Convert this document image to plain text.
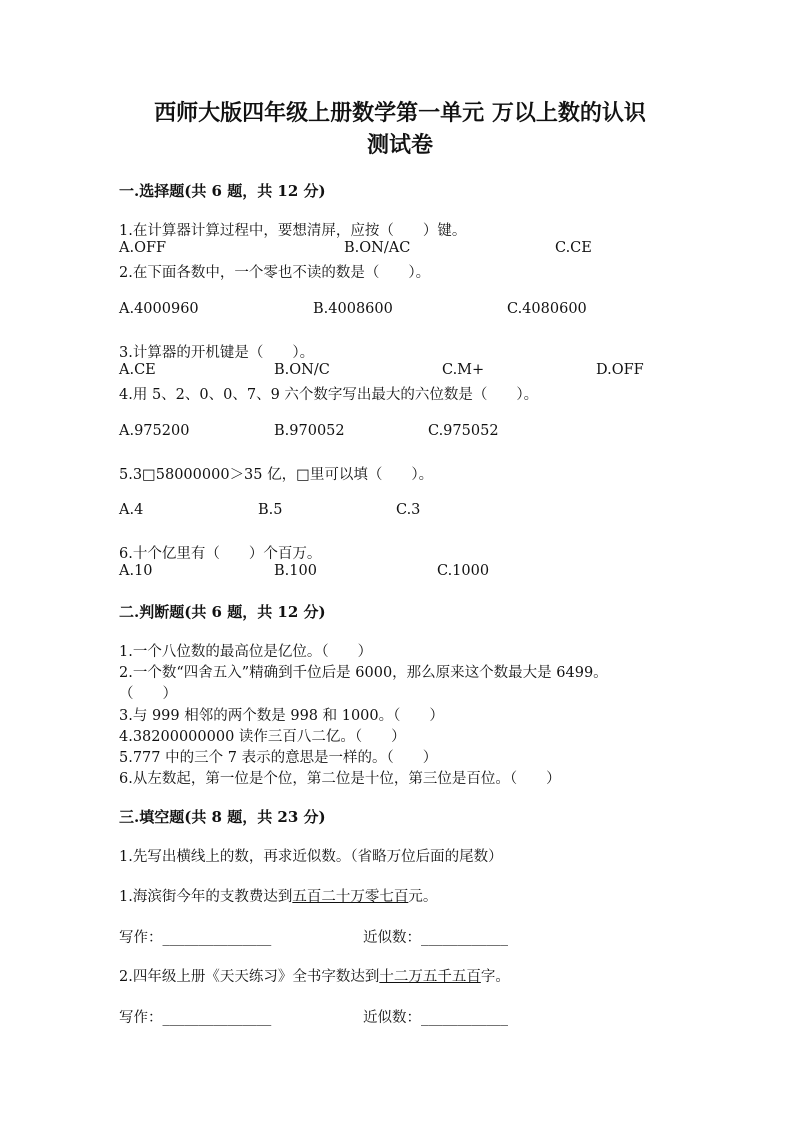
西师大版四年级上册数学第一单元 万以上数的认识
测试卷
一.选择题(共 6 题，共 12 分)
1.在计算器计算过程中，要想清屏，应按（　　）键。
A.OFF	B.ON/AC	C.CE
2.在下面各数中，一个零也不读的数是（　　）。
A.4000960	B.4008600	C.4080600
3.计算器的开机键是（　　）。
A.CE	B.ON/C	C.M+	D.OFF
4.用 5、2、0、0、7、9 六个数字写出最大的六位数是（　　）。
A.975200	B.970052	C.975052
5.3□58000000＞35 亿，□里可以填（　　）。
A.4	B.5	C.3
6.十个亿里有（　　）个百万。
A.10	B.100	C.1000
二.判断题(共 6 题，共 12 分)
1.一个八位数的最高位是亿位。（　　）
2.一个数“四舍五入”精确到千位后是 6000，那么原来这个数最大是 6499。
（　　）
3.与 999 相邻的两个数是 998 和 1000。（　　）
4.38200000000 读作三百八二亿。（　　）
5.777 中的三个 7 表示的意思是一样的。（　　）
6.从左数起，第一位是个位，第二位是十位，第三位是百位。（　　）
三.填空题(共 8 题，共 23 分)
1.先写出横线上的数，再求近似数。（省略万位后面的尾数）
1.海滨街今年的支教费达到五百二十万零七百元。
写作：_______________	近似数：____________
2.四年级上册《天天练习》全书字数达到十二万五千五百字。
写作：_______________	近似数：____________
